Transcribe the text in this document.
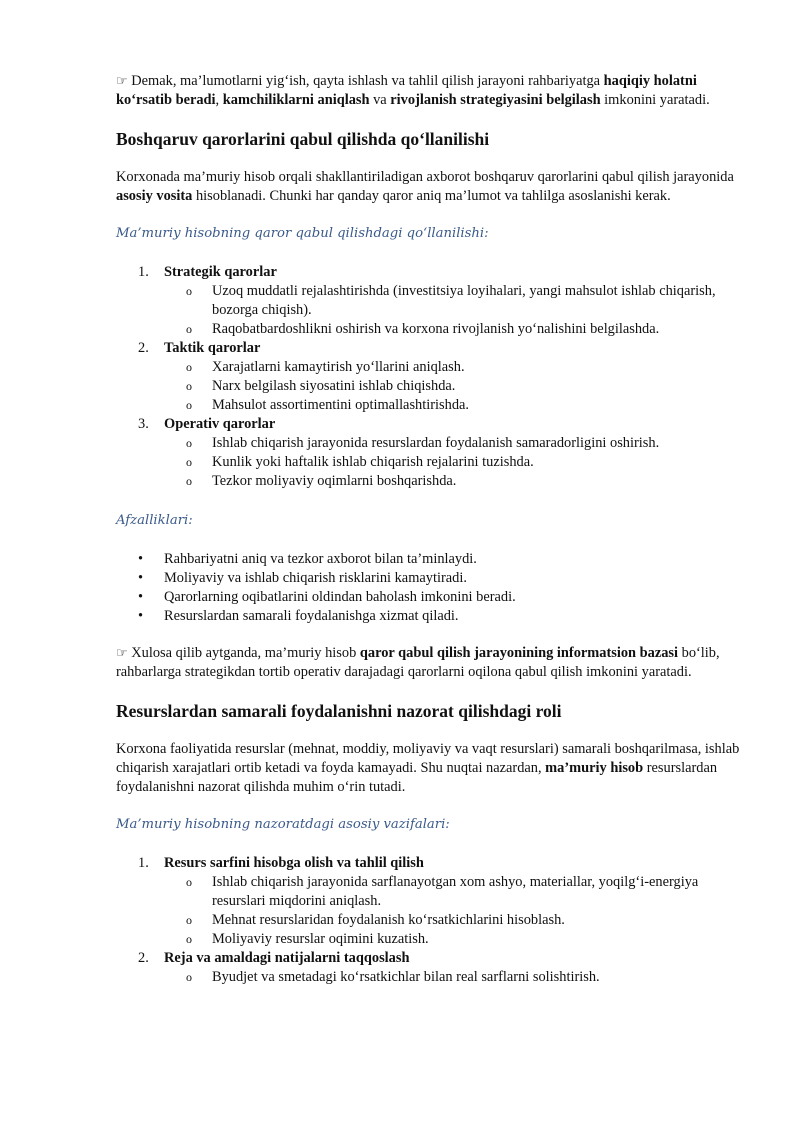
☞ Demak, ma’lumotlarni yig‘ish, qayta ishlash va tahlil qilish jarayoni rahbariyatga haqiqiy holatni ko‘rsatib beradi, kamchiliklarni aniqlash va rivojlanish strategiyasini belgilash imkonini yaratadi.

Boshqaruv qarorlarini qabul qilishda qo‘llanilishi

Korxonada ma’muriy hisob orqali shakllantiriladigan axborot boshqaruv qarorlarini qabul qilish jarayonida asosiy vosita hisoblanadi. Chunki har qanday qaror aniq ma’lumot va tahlilga asoslanishi kerak.

Ma’muriy hisobning qaror qabul qilishdagi qo‘llanilishi:

1. Strategik qarorlar
o Uzoq muddatli rejalashtirishda (investitsiya loyihalari, yangi mahsulot ishlab chiqarish, bozorga chiqish).
o Raqobatbardoshlikni oshirish va korxona rivojlanish yo‘nalishini belgilashda.
2. Taktik qarorlar
o Xarajatlarni kamaytirish yo‘llarini aniqlash.
o Narx belgilash siyosatini ishlab chiqishda.
o Mahsulot assortimentini optimallashtirishda.
3. Operativ qarorlar
o Ishlab chiqarish jarayonida resurslardan foydalanish samaradorligini oshirish.
o Kunlik yoki haftalik ishlab chiqarish rejalarini tuzishda.
o Tezkor moliyaviy oqimlarni boshqarishda.

Afzalliklari:

• Rahbariyatni aniq va tezkor axborot bilan ta’minlaydi.
• Moliyaviy va ishlab chiqarish risklarini kamaytiradi.
• Qarorlarning oqibatlarini oldindan baholash imkonini beradi.
• Resurslardan samarali foydalanishga xizmat qiladi.

☞ Xulosa qilib aytganda, ma’muriy hisob qaror qabul qilish jarayonining informatsion bazasi bo‘lib, rahbarlarga strategikdan tortib operativ darajadagi qarorlarni oqilona qabul qilish imkonini yaratadi.

Resurslardan samarali foydalanishni nazorat qilishdagi roli

Korxona faoliyatida resurslar (mehnat, moddiy, moliyaviy va vaqt resurslari) samarali boshqarilmasa, ishlab chiqarish xarajatlari ortib ketadi va foyda kamayadi. Shu nuqtai nazardan, ma’muriy hisob resurslardan foydalanishni nazorat qilishda muhim o‘rin tutadi.

Ma’muriy hisobning nazoratdagi asosiy vazifalari:

1. Resurs sarfini hisobga olish va tahlil qilish
o Ishlab chiqarish jarayonida sarflanayotgan xom ashyo, materiallar, yoqilg‘i-energiya resurslari miqdorini aniqlash.
o Mehnat resurslaridan foydalanish ko‘rsatkichlarini hisoblash.
o Moliyaviy resurslar oqimini kuzatish.
2. Reja va amaldagi natijalarni taqqoslash
o Byudjet va smetadagi ko‘rsatkichlar bilan real sarflarni solishtirish.
